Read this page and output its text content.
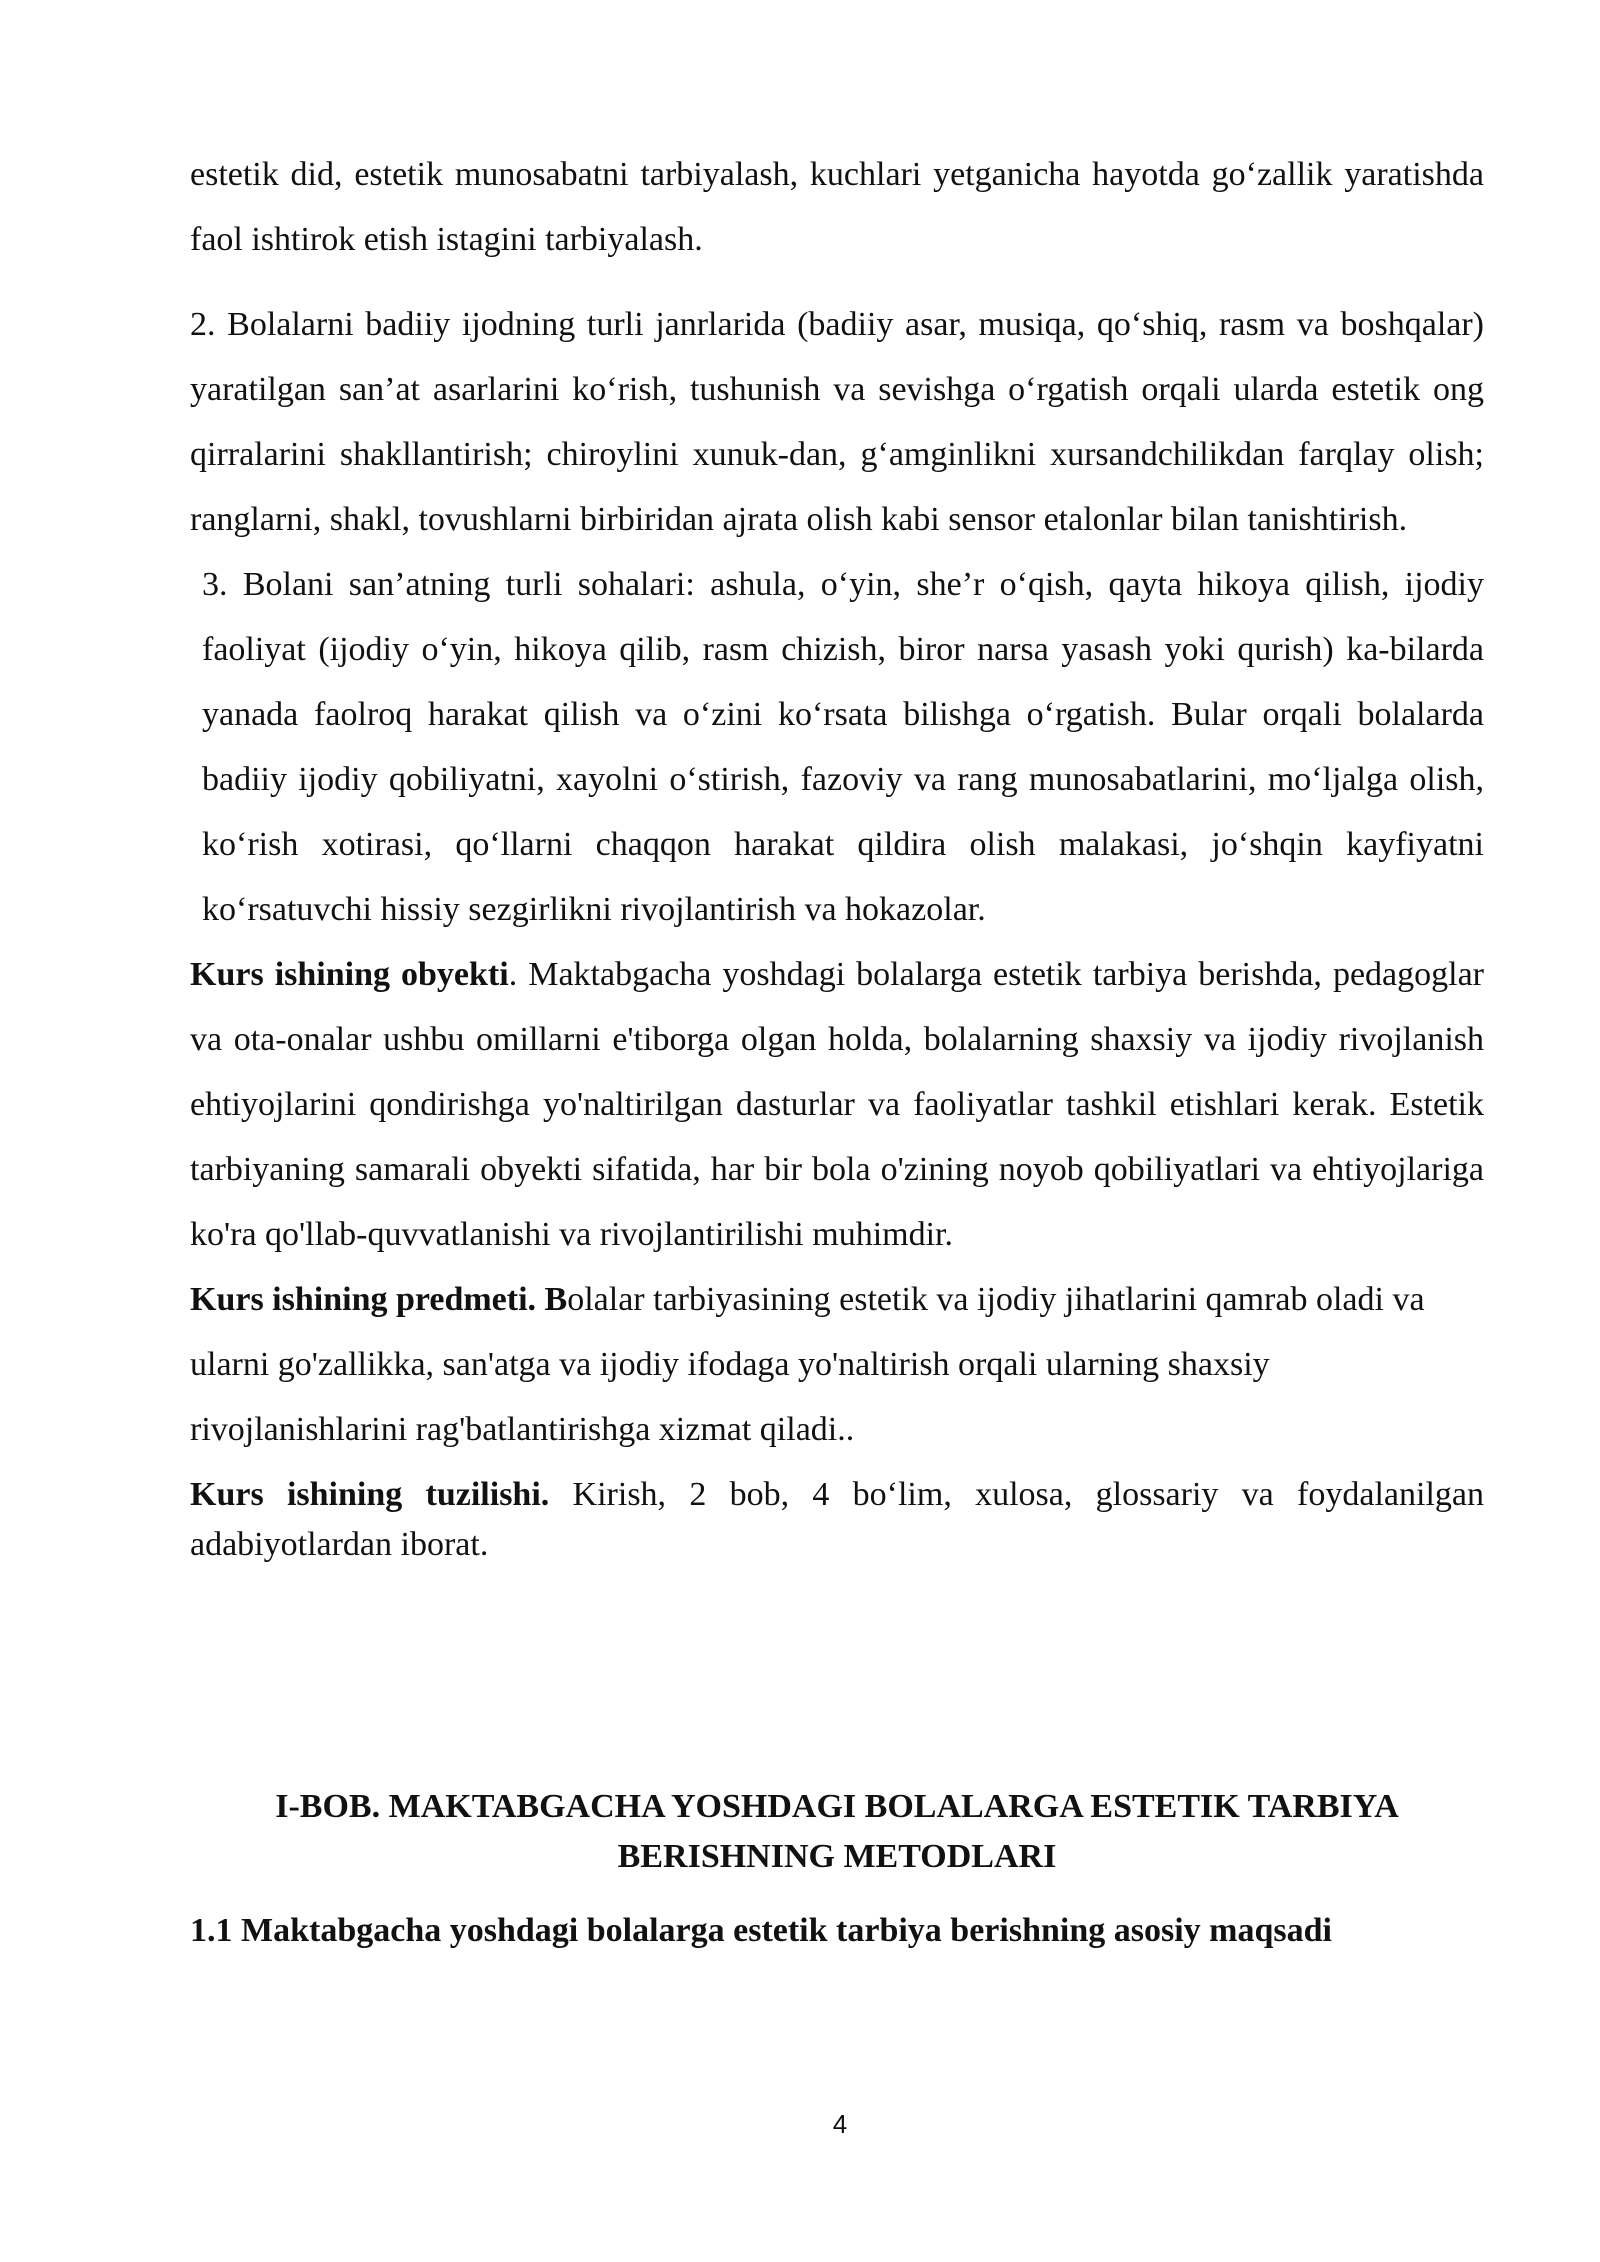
estetik did, estetik munosabatni tarbiyalash, kuchlari yetganicha hayotda go‘zallik yaratishda faol ishtirok etish istagini tarbiyalash.

2. Bolalarni badiiy ijodning turli janrlarida (badiiy asar, musiqa, qo‘shiq, rasm va boshqalar) yaratilgan san’at asarlarini ko‘rish, tushunish va sevishga o‘rgatish orqali ularda estetik ong qirralarini shakllantirish; chiroylini xunuk-dan, g‘amginlikni xursandchilikdan farqlay olish; ranglarni, shakl, tovushlarni birbiridan ajrata olish kabi sensor etalonlar bilan tanishtirish.

3. Bolani san’atning turli sohalari: ashula, o‘yin, she’r o‘qish, qayta hikoya qilish, ijodiy faoliyat (ijodiy o‘yin, hikoya qilib, rasm chizish, biror narsa yasash yoki qurish) ka-bilarda yanada faolroq harakat qilish va o‘zini ko‘rsata bilishga o‘rgatish. Bular orqali bolalarda badiiy ijodiy qobiliyatni, xayolni o‘stirish, fazoviy va rang munosabatlarini, mo‘ljalga olish, ko‘rish xotirasi, qo‘llarni chaqqon harakat qildira olish malakasi, jo‘shqin kayfiyatni ko‘rsatuvchi hissiy sezgirlikni rivojlantirish va hokazolar.

Kurs ishining obyekti. Maktabgacha yoshdagi bolalarga estetik tarbiya berishda, pedagoglar va ota-onalar ushbu omillarni e'tiborga olgan holda, bolalarning shaxsiy va ijodiy rivojlanish ehtiyojlarini qondirishga yo'naltirilgan dasturlar va faoliyatlar tashkil etishlari kerak. Estetik tarbiyaning samarali obyekti sifatida, har bir bola o'zining noyob qobiliyatlari va ehtiyojlariga ko'ra qo'llab-quvvatlanishi va rivojlantirilishi muhimdir.

Kurs ishining predmeti. Bolalar tarbiyasining estetik va ijodiy jihatlarini qamrab oladi va ularni go'zallikka, san'atga va ijodiy ifodaga yo'naltirish orqali ularning shaxsiy rivojlanishlarini rag'batlantirishga xizmat qiladi..

Kurs ishining tuzilishi. Kirish, 2 bob, 4 bo‘lim, xulosa, glossariy va foydalanilgan adabiyotlardan iborat.

I-BOB. MAKTABGACHA YOSHDAGI BOLALARGA ESTETIK TARBIYA
BERISHNING METODLARI
1.1 Maktabgacha yoshdagi bolalarga estetik tarbiya berishning asosiy maqsadi
4
